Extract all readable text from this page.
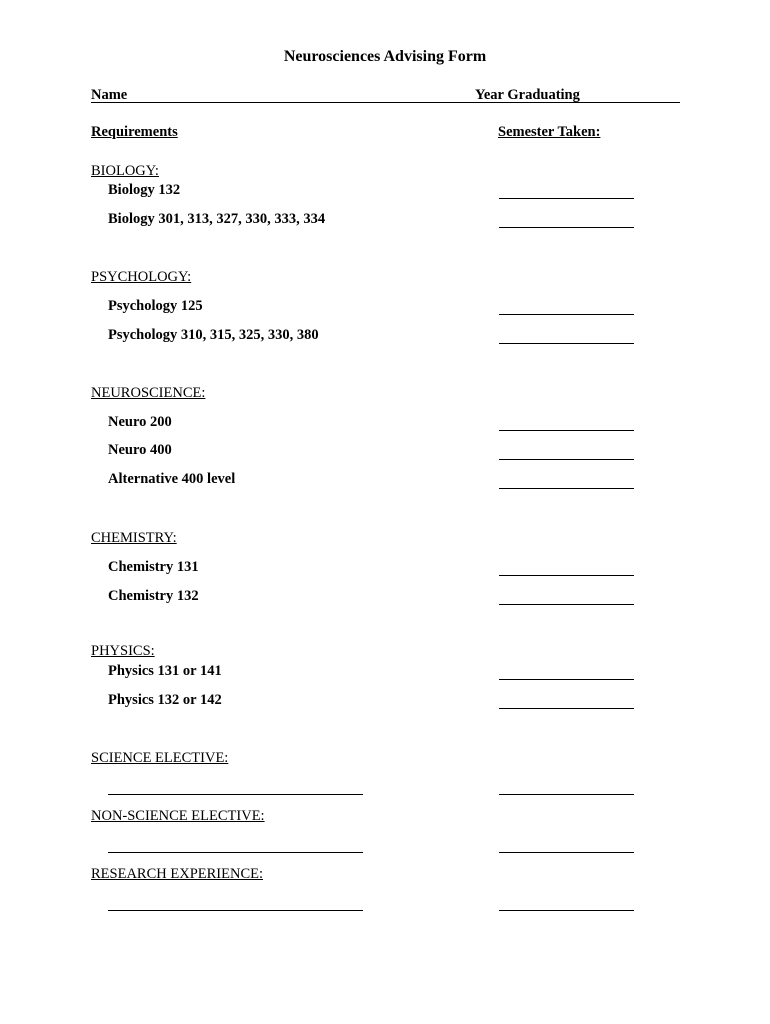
Neurosciences Advising Form
Name	Year Graduating
Requirements	Semester Taken:
BIOLOGY:
Biology 132
Biology 301, 313, 327, 330, 333, 334
PSYCHOLOGY:
Psychology 125
Psychology 310, 315, 325, 330, 380
NEUROSCIENCE:
Neuro 200
Neuro 400
Alternative 400 level
CHEMISTRY:
Chemistry 131
Chemistry 132
PHYSICS:
Physics 131 or 141
Physics 132 or 142
SCIENCE ELECTIVE:
NON-SCIENCE ELECTIVE:
RESEARCH EXPERIENCE:
